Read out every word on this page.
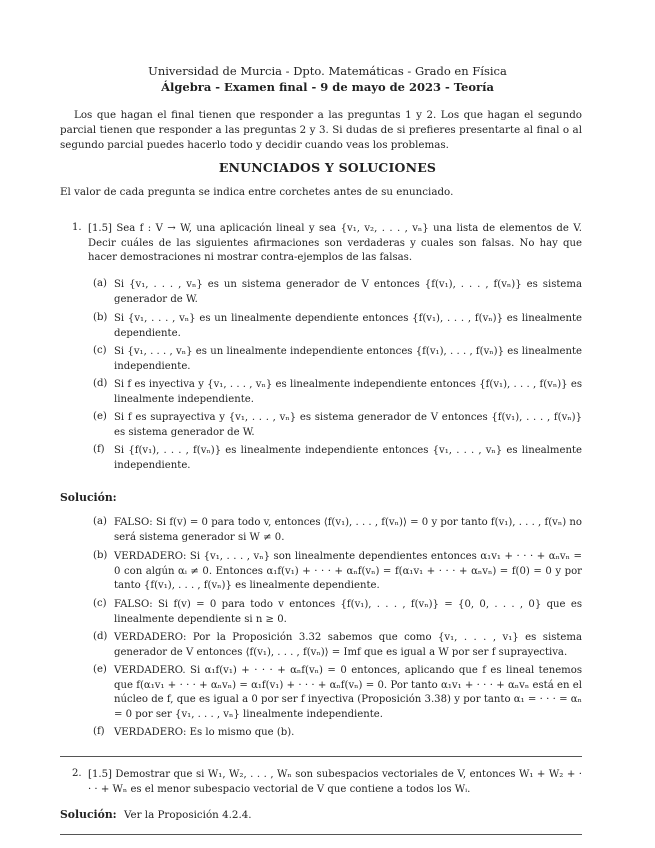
Universidad de Murcia - Dpto. Matemáticas - Grado en Física
Álgebra - Examen final - 9 de mayo de 2023 - Teoría
Los que hagan el final tienen que responder a las preguntas 1 y 2. Los que hagan el segundo parcial tienen que responder a las preguntas 2 y 3. Si dudas de si prefieres presentarte al final o al segundo parcial puedes hacerlo todo y decidir cuando veas los problemas.
ENUNCIADOS Y SOLUCIONES
El valor de cada pregunta se indica entre corchetes antes de su enunciado.
1. [1.5] Sea f : V → W, una aplicación lineal y sea {v₁, v₂, . . . , vₙ} una lista de elementos de V. Decir cuáles de las siguientes afirmaciones son verdaderas y cuales son falsas. No hay que hacer demostraciones ni mostrar contra-ejemplos de las falsas.
(a) Si {v₁, . . . , vₙ} es un sistema generador de V entonces {f(v₁), . . . , f(vₙ)} es sistema generador de W.
(b) Si {v₁, . . . , vₙ} es un linealmente dependiente entonces {f(v₁), . . . , f(vₙ)} es linealmente dependiente.
(c) Si {v₁, . . . , vₙ} es un linealmente independiente entonces {f(v₁), . . . , f(vₙ)} es linealmente independiente.
(d) Si f es inyectiva y {v₁, . . . , vₙ} es linealmente independiente entonces {f(v₁), . . . , f(vₙ)} es linealmente independiente.
(e) Si f es suprayectiva y {v₁, . . . , vₙ} es sistema generador de V entonces {f(v₁), . . . , f(vₙ)} es sistema generador de W.
(f) Si {f(v₁), . . . , f(vₙ)} es linealmente independiente entonces {v₁, . . . , vₙ} es linealmente independiente.
Solución:
(a) FALSO: Si f(v) = 0 para todo v, entonces ⟨f(v₁), . . . , f(vₙ)⟩ = 0 y por tanto f(v₁), . . . , f(vₙ) no será sistema generador si W ≠ 0.
(b) VERDADERO: Si {v₁, . . . , vₙ} son linealmente dependientes entonces α₁v₁ + · · · + αₙvₙ = 0 con algún αᵢ ≠ 0. Entonces α₁f(v₁) + · · · + αₙf(vₙ) = f(α₁v₁ + · · · + αₙvₙ) = f(0) = 0 y por tanto {f(v₁), . . . , f(vₙ)} es linealmente dependiente.
(c) FALSO: Si f(v) = 0 para todo v entonces {f(v₁), . . . , f(vₙ)} = {0, 0, . . . , 0} que es linealmente dependiente si n ≥ 0.
(d) VERDADERO: Por la Proposición 3.32 sabemos que como {v₁, . . . , v₁} es sistema generador de V entonces ⟨f(v₁), . . . , f(vₙ)⟩ = Imf que es igual a W por ser f suprayectiva.
(e) VERDADERO. Si α₁f(v₁) + · · · + αₙf(vₙ) = 0 entonces, aplicando que f es lineal tenemos que f(α₁v₁ + · · · + αₙvₙ) = α₁f(v₁) + · · · + αₙf(vₙ) = 0. Por tanto α₁v₁ + · · · + αₙvₙ está en el núcleo de f, que es igual a 0 por ser f inyectiva (Proposición 3.38) y por tanto α₁ = · · · = αₙ = 0 por ser {v₁, . . . , vₙ} linealmente independiente.
(f) VERDADERO: Es lo mismo que (b).
2. [1.5] Demostrar que si W₁, W₂, . . . , Wₙ son subespacios vectoriales de V, entonces W₁ + W₂ + · · · + Wₙ es el menor subespacio vectorial de V que contiene a todos los Wᵢ.
Solución: Ver la Proposición 4.2.4.
